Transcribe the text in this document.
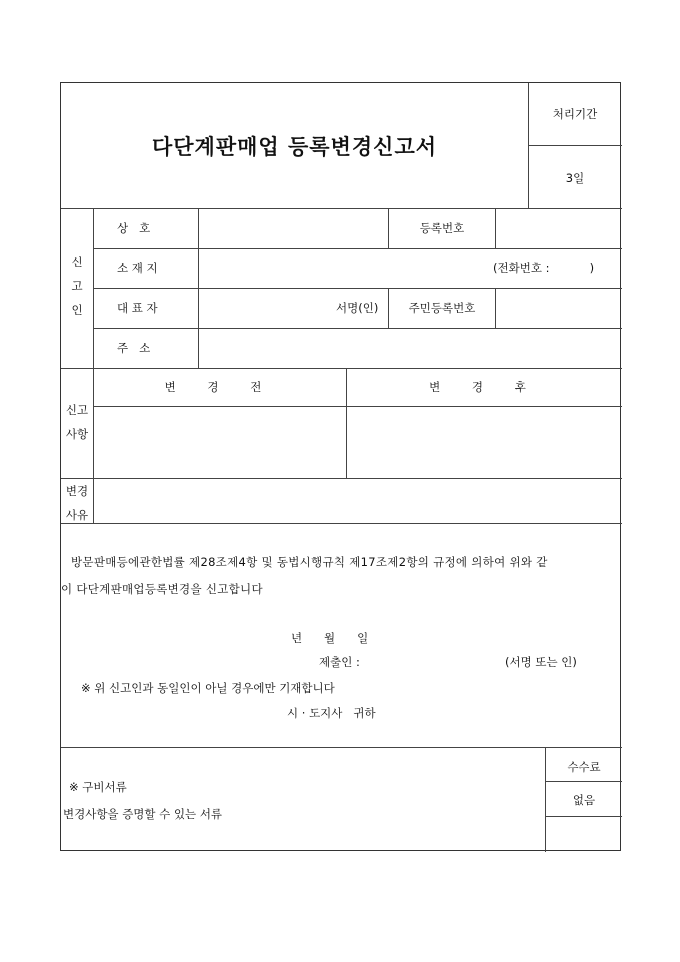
다단계판매업 등록변경신고서
처리기간
3일
신
고
인
상   호	등록번호
소 재 지	(전화번호 :           )
대 표 자	서명(인)	주민등록번호
주   소
신고
사항
변 경 전	변 경 후
변경
사유
방문판매등에관한법률 제28조제4항 및 동법시행규칙 제17조제2항의 규정에 의하여 위와 같
이 다단계판매업등록변경을 신고합니다
년      월      일
제출인 :	(서명 또는 인)
※ 위 신고인과 동일인이 아닐 경우에만 기재합니다
시 · 도지사   귀하
수수료
없음
※ 구비서류
변경사항을 증명할 수 있는 서류
